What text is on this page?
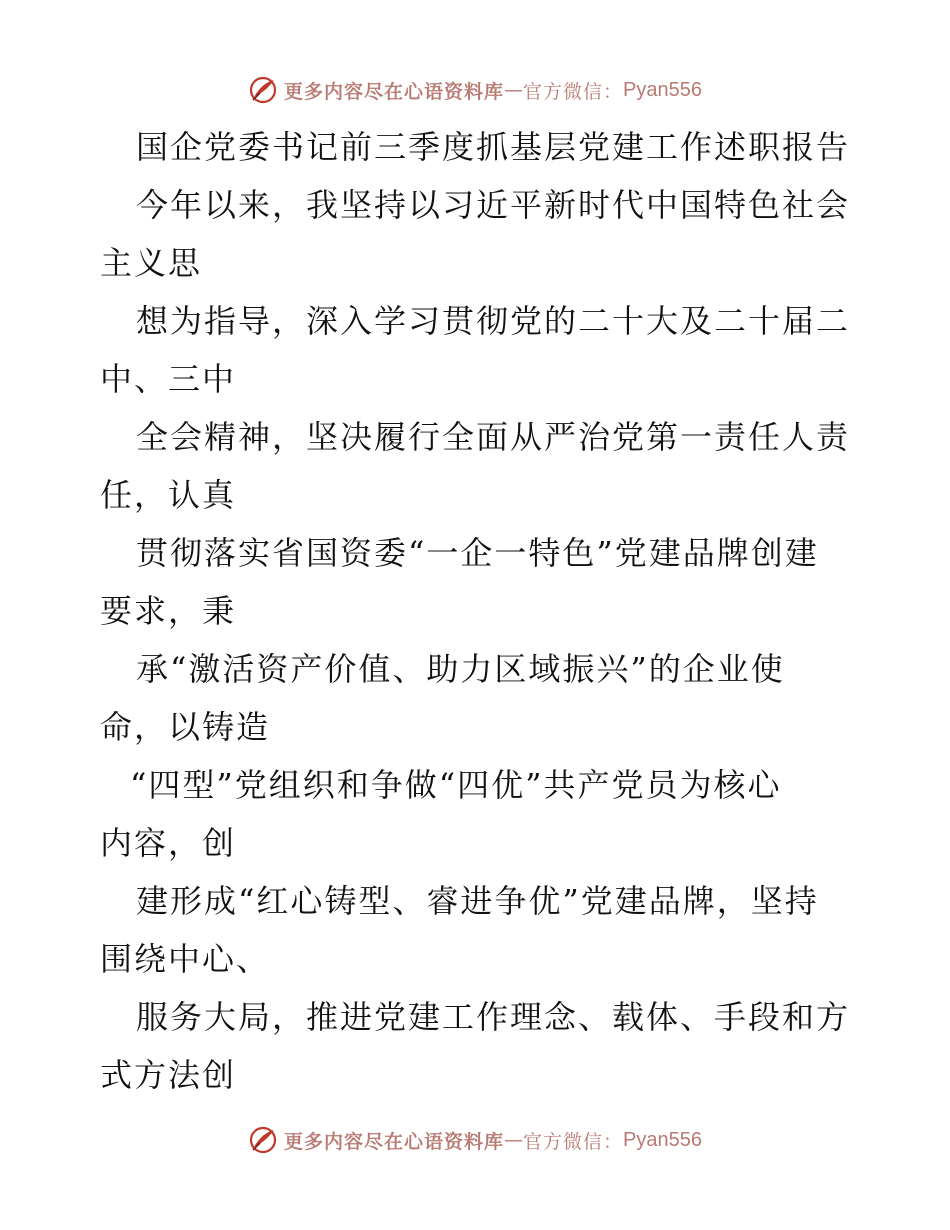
更多内容尽在心语资料库 — 官方微信： Pyan556
国企党委书记前三季度抓基层党建工作述职报告
今年以来，我坚持以习近平新时代中国特色社会
主义思
想为指导，深入学习贯彻党的二十大及二十届二
中、三中
全会精神，坚决履行全面从严治党第一责任人责
任，认真
贯彻落实省国资委“一企一特色”党建品牌创建
要求，秉
承“激活资产价值、助力区域振兴”的企业使
命，以铸造
“四型”党组织和争做“四优”共产党员为核心
内容，创
建形成“红心铸型、睿进争优”党建品牌，坚持
围绕中心、
服务大局，推进党建工作理念、载体、手段和方
式方法创
更多内容尽在心语资料库 — 官方微信： Pyan556
